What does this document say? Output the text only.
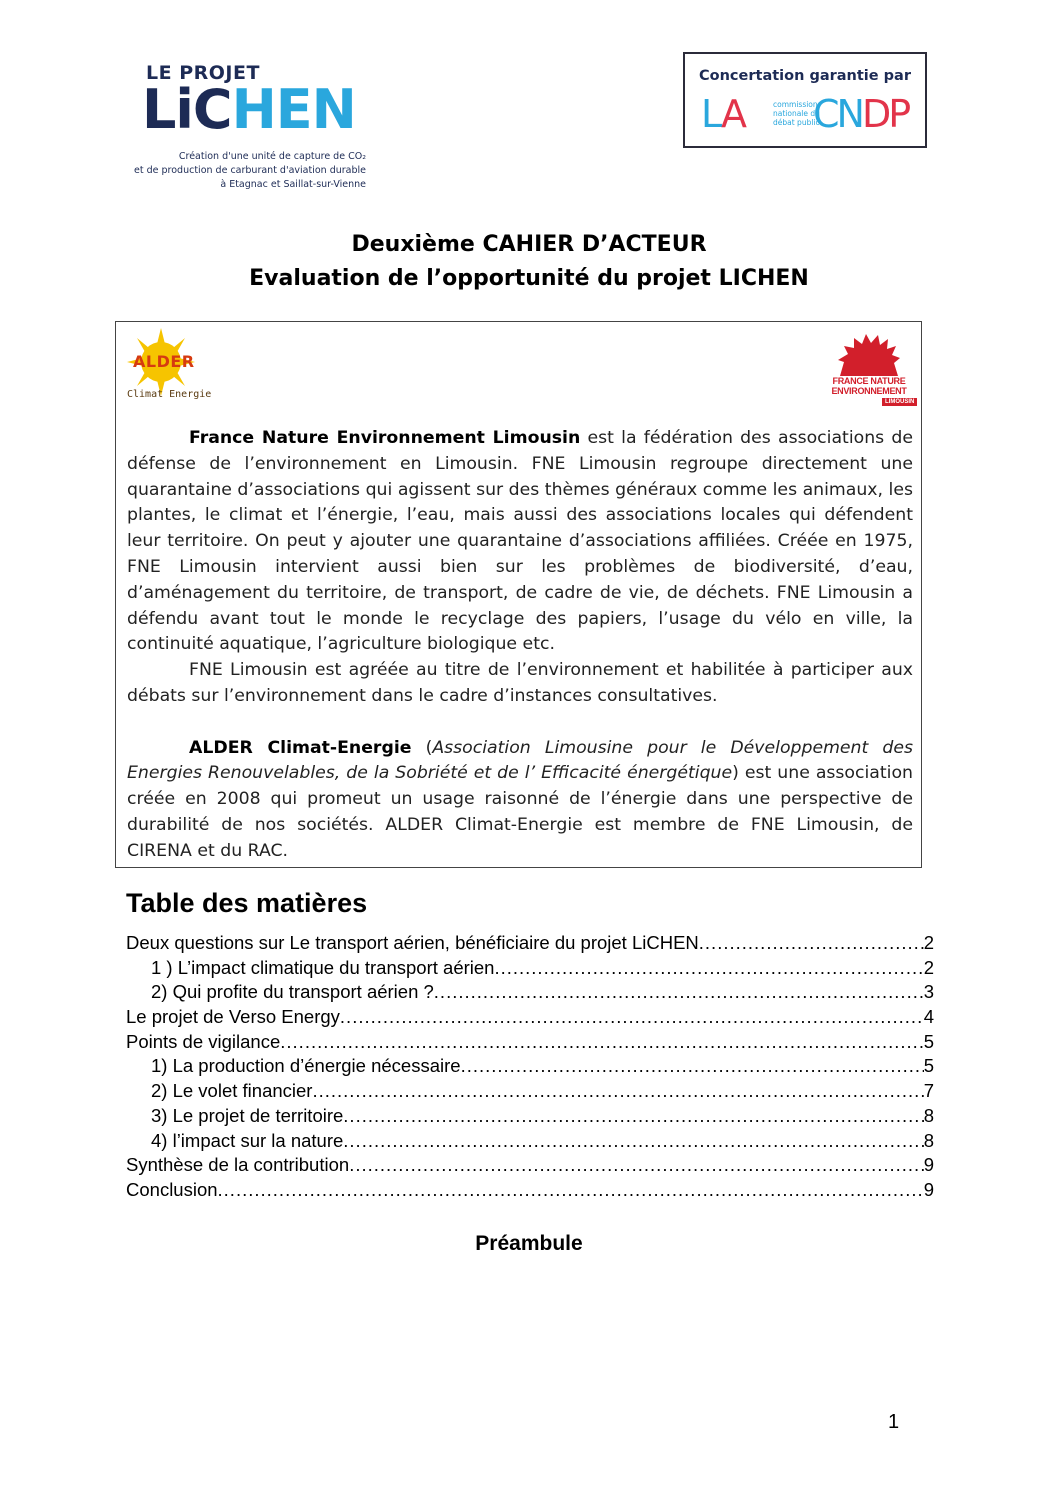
LE PROJET
LiCHEN
Création d'une unité de capture de CO₂
et de production de carburant d'aviation durable
à Etagnac et Saillat-sur-Vienne
Concertation garantie par
LA	commission
nationale du
débat public
CNDP
Deuxième CAHIER D’ACTEUR
Evaluation de l’opportunité du projet LICHEN
ALDER
Climat Energie
FRANCE NATURE
ENVIRONNEMENT
LIMOUSIN

France Nature Environnement Limousin est la fédération des associations de défense de l’environnement en Limousin. FNE Limousin regroupe directement une quarantaine d’associations qui agissent sur des thèmes généraux comme les animaux, les plantes, le climat et l’énergie, l’eau, mais aussi des associations locales qui défendent leur territoire. On peut y ajouter une quarantaine d’associations affiliées. Créée en 1975, FNE Limousin intervient aussi bien sur les problèmes de biodiversité, d’eau, d’aménagement du territoire, de transport, de cadre de vie, de déchets. FNE Limousin a défendu avant tout le monde le recyclage des papiers, l’usage du vélo en ville, la continuité aquatique, l’agriculture biologique etc.

FNE Limousin est agréée au titre de l’environnement et habilitée à participer aux débats sur l’environnement dans le cadre d’instances consultatives.

ALDER Climat-Energie (Association Limousine pour le Développement des Energies Renouvelables, de la Sobriété et de l’ Efficacité énergétique) est une association créée en 2008 qui promeut un usage raisonné de l’énergie dans une perspective de durabilité de nos sociétés. ALDER Climat-Energie est membre de FNE Limousin, de CIRENA et du RAC.

Table des matières
Deux questions sur Le transport aérien, bénéficiaire du projet LiCHEN .....	2
1 ) L’impact climatique du transport aérien .....	2
2) Qui profite du transport aérien ? .....	3
Le projet de Verso Energy .....	4
Points de vigilance .....	5
1) La production d’énergie nécessaire .....	5
2) Le volet financier .....	7
3) Le projet de territoire .....	8
4) l’impact sur la nature .....	8
Synthèse de la contribution .....	9
Conclusion .....	9
Préambule
1
